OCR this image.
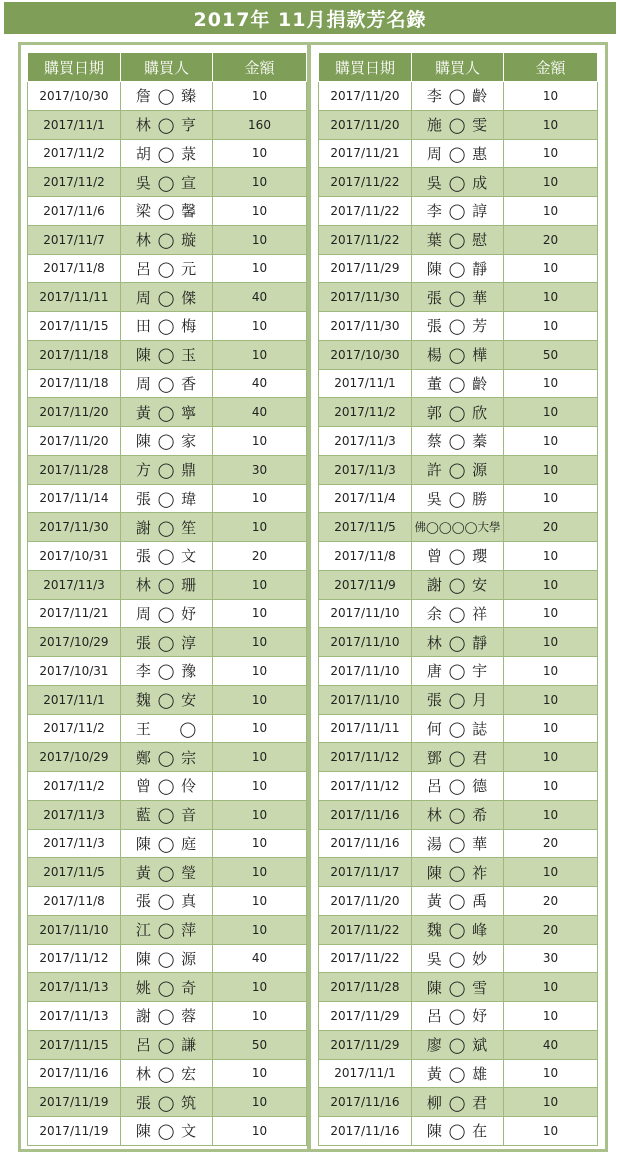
2017年 11月捐款芳名錄
購買日期	購買人	金額
2017/10/30	詹 ◯ 臻	10
2017/11/1	林 ◯ 亨	160
2017/11/2	胡 ◯ 菉	10
2017/11/2	吳 ◯ 宣	10
2017/11/6	梁 ◯ 馨	10
2017/11/7	林 ◯ 璇	10
2017/11/8	呂 ◯ 元	10
2017/11/11	周 ◯ 傑	40
2017/11/15	田 ◯ 梅	10
2017/11/18	陳 ◯ 玉	10
2017/11/18	周 ◯ 香	40
2017/11/20	黃 ◯ 寧	40
2017/11/20	陳 ◯ 家	10
2017/11/28	方 ◯ 鼎	30
2017/11/14	張 ◯ 瑋	10
2017/11/30	謝 ◯ 笙	10
2017/10/31	張 ◯ 文	20
2017/11/3	林 ◯ 珊	10
2017/11/21	周 ◯ 妤	10
2017/10/29	張 ◯ 淳	10
2017/10/31	李 ◯ 豫	10
2017/11/1	魏 ◯ 安	10
2017/11/2	王 　 ◯	10
2017/10/29	鄭 ◯ 宗	10
2017/11/2	曾 ◯ 伶	10
2017/11/3	藍 ◯ 音	10
2017/11/3	陳 ◯ 庭	10
2017/11/5	黃 ◯ 瑩	10
2017/11/8	張 ◯ 真	10
2017/11/10	江 ◯ 萍	10
2017/11/12	陳 ◯ 源	40
2017/11/13	姚 ◯ 奇	10
2017/11/13	謝 ◯ 蓉	10
2017/11/15	呂 ◯ 謙	50
2017/11/16	林 ◯ 宏	10
2017/11/19	張 ◯ 筑	10
2017/11/19	陳 ◯ 文	10
購買日期	購買人	金額
2017/11/20	李 ◯ 齡	10
2017/11/20	施 ◯ 雯	10
2017/11/21	周 ◯ 惠	10
2017/11/22	吳 ◯ 成	10
2017/11/22	李 ◯ 諄	10
2017/11/22	葉 ◯ 慰	20
2017/11/29	陳 ◯ 靜	10
2017/11/30	張 ◯ 華	10
2017/11/30	張 ◯ 芳	10
2017/10/30	楊 ◯ 樺	50
2017/11/1	董 ◯ 齡	10
2017/11/2	郭 ◯ 欣	10
2017/11/3	蔡 ◯ 蓁	10
2017/11/3	許 ◯ 源	10
2017/11/4	吳 ◯ 勝	10
2017/11/5	佛◯◯◯◯大學	20
2017/11/8	曾 ◯ 瓔	10
2017/11/9	謝 ◯ 安	10
2017/11/10	余 ◯ 祥	10
2017/11/10	林 ◯ 靜	10
2017/11/10	唐 ◯ 宇	10
2017/11/10	張 ◯ 月	10
2017/11/11	何 ◯ 誌	10
2017/11/12	鄧 ◯ 君	10
2017/11/12	呂 ◯ 德	10
2017/11/16	林 ◯ 希	10
2017/11/16	湯 ◯ 華	20
2017/11/17	陳 ◯ 祚	10
2017/11/20	黃 ◯ 禹	20
2017/11/22	魏 ◯ 峰	20
2017/11/22	吳 ◯ 妙	30
2017/11/28	陳 ◯ 雪	10
2017/11/29	呂 ◯ 妤	10
2017/11/29	廖 ◯ 斌	40
2017/11/1	黃 ◯ 雄	10
2017/11/16	柳 ◯ 君	10
2017/11/16	陳 ◯ 在	10
